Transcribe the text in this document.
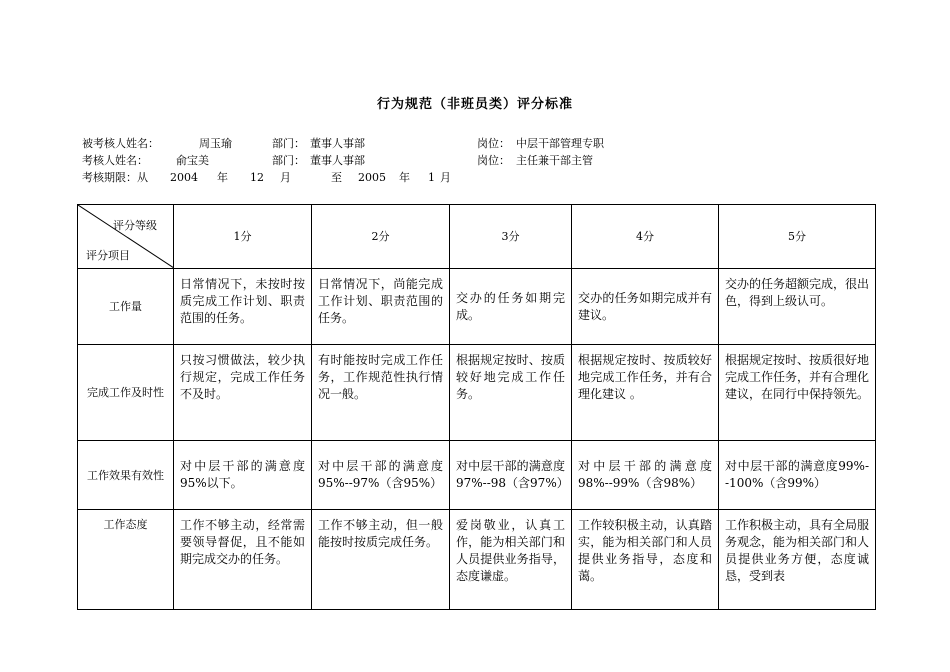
行为规范（非班员类）评分标准
被考核人姓名：	周玉瑜	部门： 董事人事部	岗位： 中层干部管理专职
考核人姓名：	俞宝美	部门： 董事人事部	岗位： 主任兼干部主管
考核期限：从 2004 年 12 月	至 2005 年 1 月
评分等级
评分项目	1分	2分	3分	4分	5分
工作量	日常情况下，未按时按质完成工作计划、职责范围的任务。	日常情况下，尚能完成工作计划、职责范围的任务。	交办的任务如期完成。	交办的任务如期完成并有建议。	交办的任务超额完成，很出色，得到上级认可。
完成工作及时性	只按习惯做法，较少执行规定，完成工作任务不及时。	有时能按时完成工作任务，工作规范性执行情况一般。	根据规定按时、按质较好地完成工作任务。	根据规定按时、按质较好地完成工作任务，并有合理化建议 。	根据规定按时、按质很好地完成工作任务，并有合理化建议，在同行中保持领先。
工作效果有效性	对中层干部的满意度95%以下。	对中层干部的满意度95%--97%（含95%）	对中层干部的满意度 97%--98（含97%）	对中层干部的满意度98%--99%（含98%）	对中层干部的满意度99%--100%（含99%）
工作态度	工作不够主动，经常需要领导督促，且不能如期完成交办的任务。	工作不够主动，但一般能按时按质完成任务。	爱岗敬业，认真工作，能为相关部门和人员提供业务指导，态度谦虚。	工作较积极主动，认真踏实，能为相关部门和人员提供业务指导，态度和蔼。	工作积极主动，具有全局服务观念，能为相关部门和人员提供业务方便，态度诚恳，受到表
